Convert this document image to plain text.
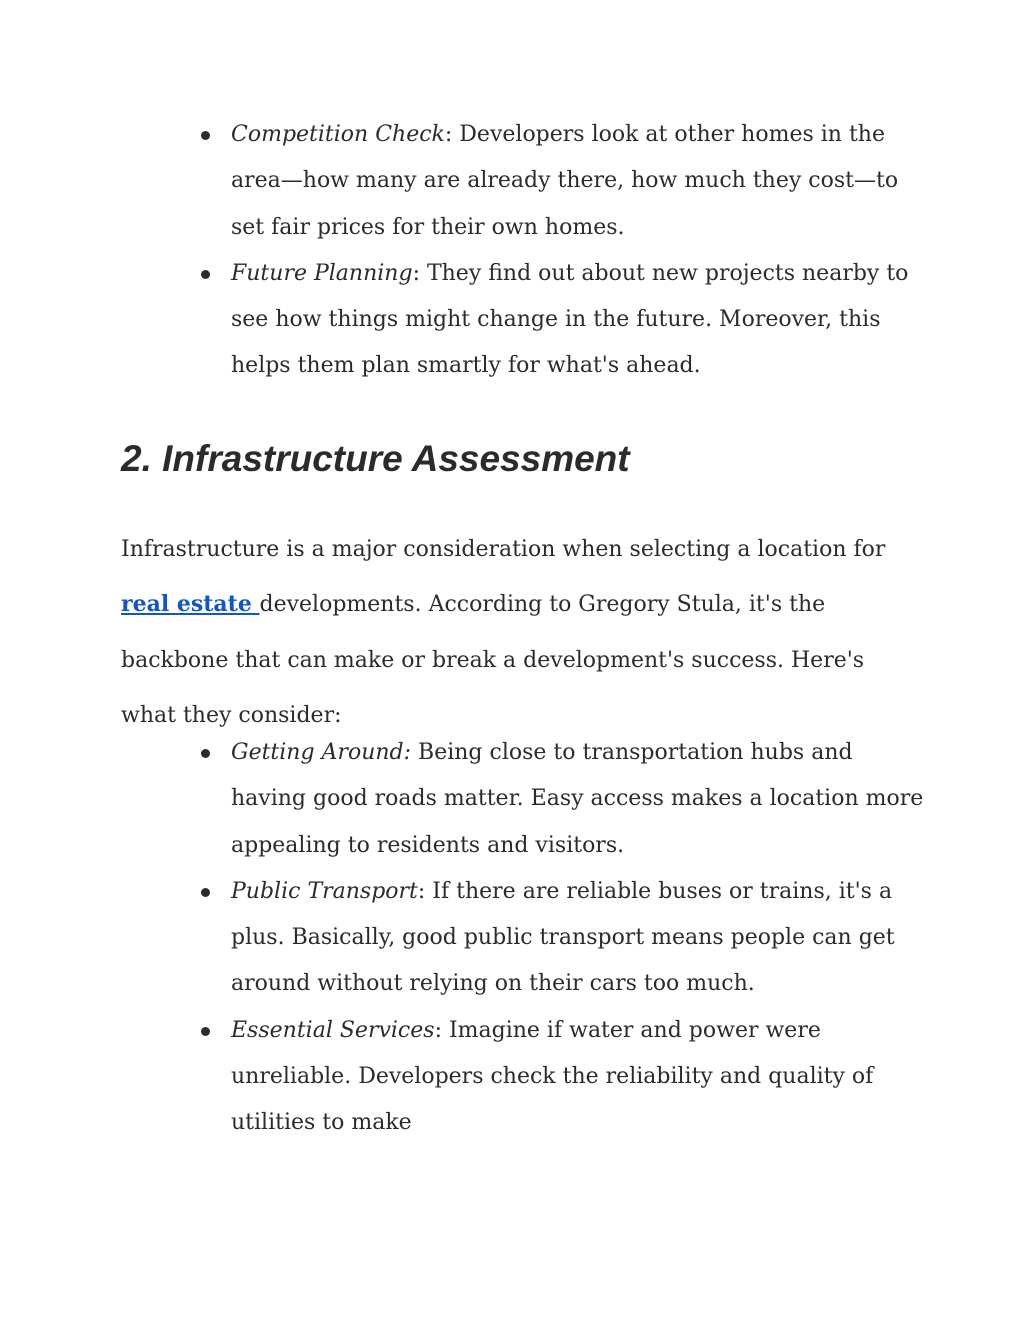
Competition Check: Developers look at other homes in the area—how many are already there, how much they cost—to set fair prices for their own homes.
Future Planning: They find out about new projects nearby to see how things might change in the future. Moreover, this helps them plan smartly for what's ahead.
2. Infrastructure Assessment

Infrastructure is a major consideration when selecting a location for real estate developments. According to Gregory Stula, it's the backbone that can make or break a development's success. Here's what they consider:

Getting Around: Being close to transportation hubs and having good roads matter. Easy access makes a location more appealing to residents and visitors.
Public Transport: If there are reliable buses or trains, it's a plus. Basically, good public transport means people can get around without relying on their cars too much.
Essential Services: Imagine if water and power were unreliable. Developers check the reliability and quality of utilities to make
